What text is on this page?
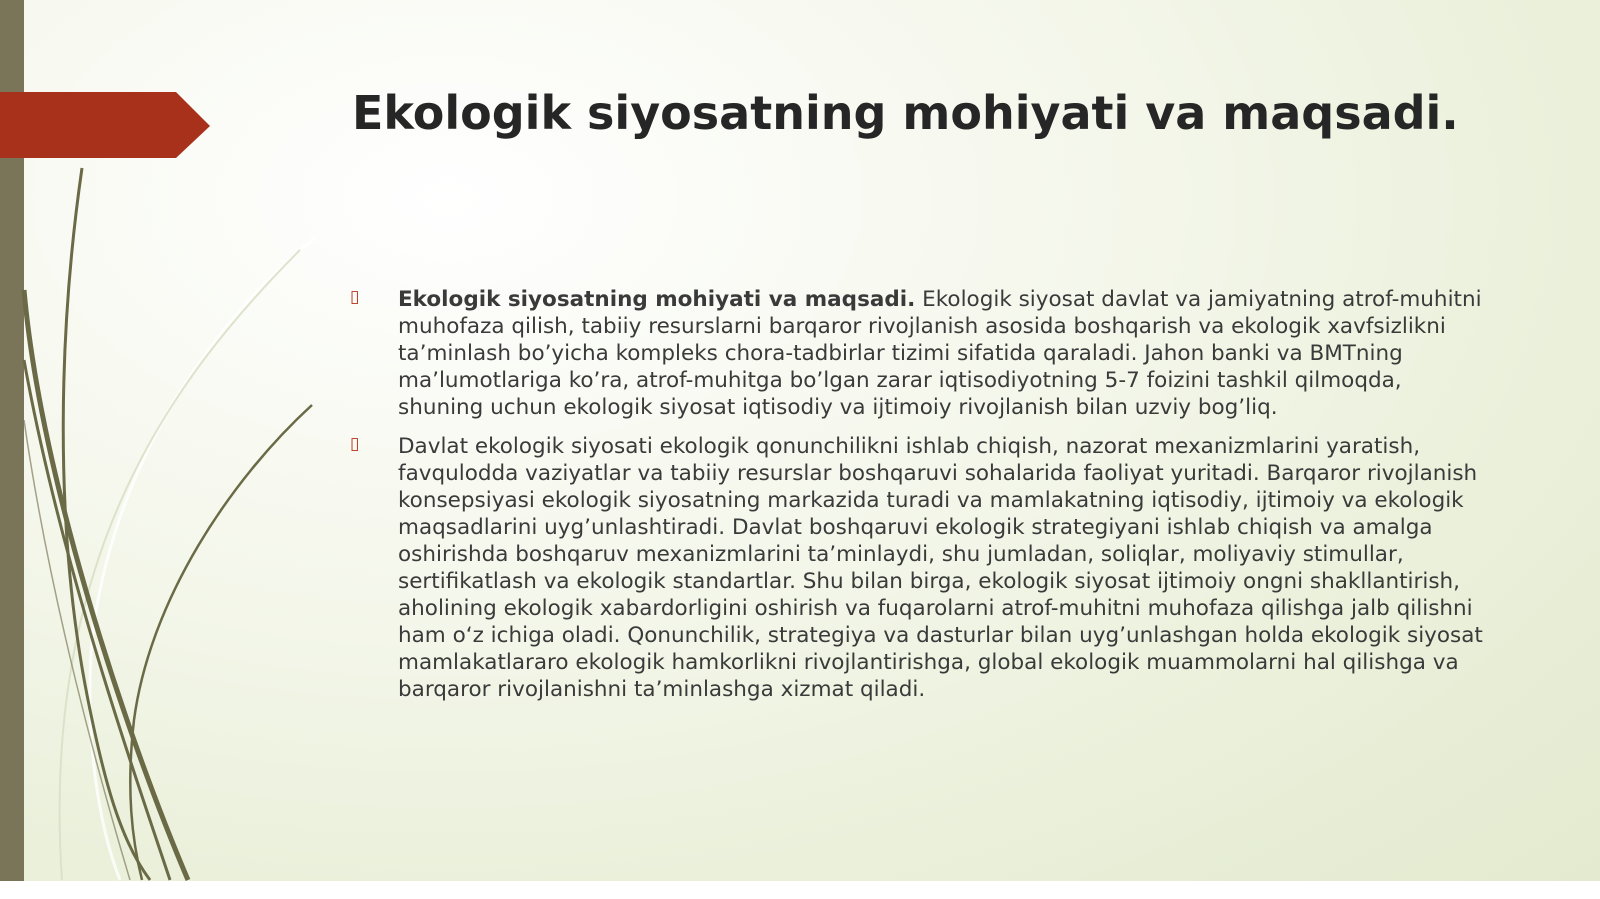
Ekologik siyosatning mohiyati va maqsadi.
▯ Ekologik siyosatning mohiyati va maqsadi. Ekologik siyosat davlat va jamiyatning atrof-muhitni muhofaza qilish, tabiiy resurslarni barqaror rivojlanish asosida boshqarish va ekologik xavfsizlikni ta’minlash bo’yicha kompleks chora-tadbirlar tizimi sifatida qaraladi. Jahon banki va BMTning ma’lumotlariga ko’ra, atrof-muhitga bo’lgan zarar iqtisodiyotning 5-7 foizini tashkil qilmoqda, shuning uchun ekologik siyosat iqtisodiy va ijtimoiy rivojlanish bilan uzviy bog’liq.
▯ Davlat ekologik siyosati ekologik qonunchilikni ishlab chiqish, nazorat mexanizmlarini yaratish, favqulodda vaziyatlar va tabiiy resurslar boshqaruvi sohalarida faoliyat yuritadi. Barqaror rivojlanish konsepsiyasi ekologik siyosatning markazida turadi va mamlakatning iqtisodiy, ijtimoiy va ekologik maqsadlarini uyg’unlashtiradi. Davlat boshqaruvi ekologik strategiyani ishlab chiqish va amalga oshirishda boshqaruv mexanizmlarini ta’minlaydi, shu jumladan, soliqlar, moliyaviy stimullar, sertifikatlash va ekologik standartlar. Shu bilan birga, ekologik siyosat ijtimoiy ongni shakllantirish, aholining ekologik xabardorligini oshirish va fuqarolarni atrof-muhitni muhofaza qilishga jalb qilishni ham o‘z ichiga oladi. Qonunchilik, strategiya va dasturlar bilan uyg’unlashgan holda ekologik siyosat mamlakatlararo ekologik hamkorlikni rivojlantirishga, global ekologik muammolarni hal qilishga va barqaror rivojlanishni ta’minlashga xizmat qiladi.
